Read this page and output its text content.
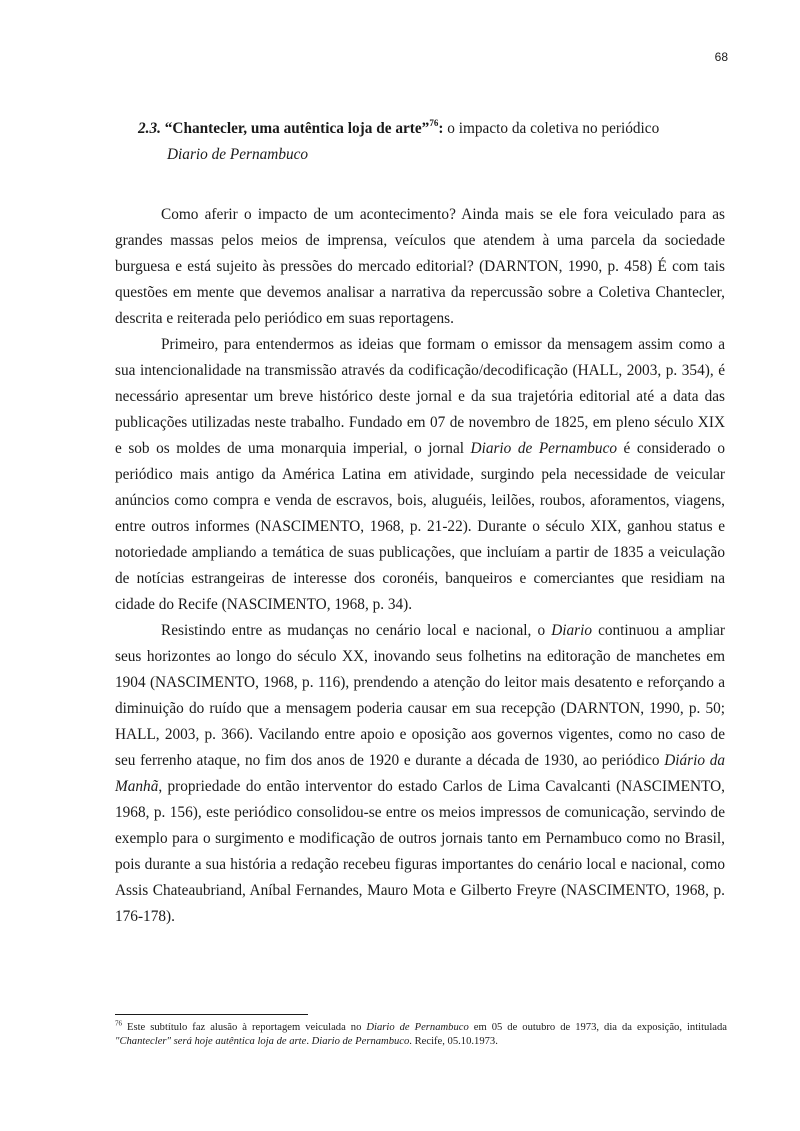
68
2.3. “Chantecler, uma autêntica loja de arte”$^{76}$: o impacto da coletiva no periódico
Diario de Pernambuco

Como aferir o impacto de um acontecimento? Ainda mais se ele fora veiculado para as grandes massas pelos meios de imprensa, veículos que atendem à uma parcela da sociedade burguesa e está sujeito às pressões do mercado editorial? (DARNTON, 1990, p. 458) É com tais questões em mente que devemos analisar a narrativa da repercussão sobre a Coletiva Chantecler, descrita e reiterada pelo periódico em suas reportagens.

Primeiro, para entendermos as ideias que formam o emissor da mensagem assim como a sua intencionalidade na transmissão através da codificação/decodificação (HALL, 2003, p. 354), é necessário apresentar um breve histórico deste jornal e da sua trajetória editorial até a data das publicações utilizadas neste trabalho. Fundado em 07 de novembro de 1825, em pleno século XIX e sob os moldes de uma monarquia imperial, o jornal Diario de Pernambuco é considerado o periódico mais antigo da América Latina em atividade, surgindo pela necessidade de veicular anúncios como compra e venda de escravos, bois, aluguéis, leilões, roubos, aforamentos, viagens, entre outros informes (NASCIMENTO, 1968, p. 21-22). Durante o século XIX, ganhou status e notoriedade ampliando a temática de suas publicações, que incluíam a partir de 1835 a veiculação de notícias estrangeiras de interesse dos coronéis, banqueiros e comerciantes que residiam na cidade do Recife (NASCIMENTO, 1968, p. 34).

Resistindo entre as mudanças no cenário local e nacional, o Diario continuou a ampliar seus horizontes ao longo do século XX, inovando seus folhetins na editoração de manchetes em 1904 (NASCIMENTO, 1968, p. 116), prendendo a atenção do leitor mais desatento e reforçando a diminuição do ruído que a mensagem poderia causar em sua recepção (DARNTON, 1990, p. 50; HALL, 2003, p. 366). Vacilando entre apoio e oposição aos governos vigentes, como no caso de seu ferrenho ataque, no fim dos anos de 1920 e durante a década de 1930, ao periódico Diário da Manhã, propriedade do então interventor do estado Carlos de Lima Cavalcanti (NASCIMENTO, 1968, p. 156), este periódico consolidou-se entre os meios impressos de comunicação, servindo de exemplo para o surgimento e modificação de outros jornais tanto em Pernambuco como no Brasil, pois durante a sua história a redação recebeu figuras importantes do cenário local e nacional, como Assis Chateaubriand, Aníbal Fernandes, Mauro Mota e Gilberto Freyre (NASCIMENTO, 1968, p. 176-178).

$^{76}$ Este subtítulo faz alusão à reportagem veiculada no Diario de Pernambuco em 05 de outubro de 1973, dia da exposição, intitulada "Chantecler" será hoje autêntica loja de arte. Diario de Pernambuco. Recife, 05.10.1973.
